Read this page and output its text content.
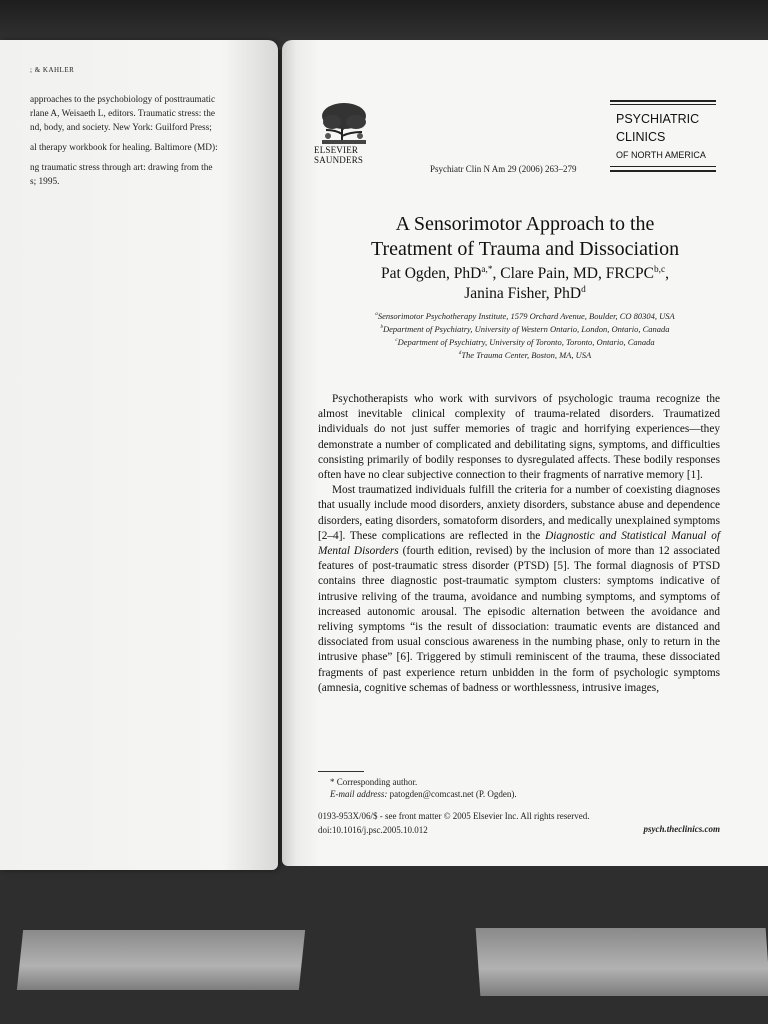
; & KAHLER
approaches to the psychobiology of posttraumatic
rlane A, Weisaeth L, editors. Traumatic stress: the
nd, body, and society. New York: Guilford Press;
al therapy workbook for healing. Baltimore (MD):
ng traumatic stress through art: drawing from the
s; 1995.
ELSEVIER
SAUNDERS
PSYCHIATRIC
CLINICS
OF NORTH AMERICA
Psychiatr Clin N Am 29 (2006) 263–279
A Sensorimotor Approach to the
Treatment of Trauma and Dissociation
Pat Ogden, PhD$^{a,*}$, Clare Pain, MD, FRCPC$^{b,c}$,
Janina Fisher, PhD$^d$
$^a$Sensorimotor Psychotherapy Institute, 1579 Orchard Avenue, Boulder, CO 80304, USA
$^b$Department of Psychiatry, University of Western Ontario, London, Ontario, Canada
$^c$Department of Psychiatry, University of Toronto, Toronto, Ontario, Canada
$^d$The Trauma Center, Boston, MA, USA

Psychotherapists who work with survivors of psychologic trauma recognize the almost inevitable clinical complexity of trauma-related disorders. Traumatized individuals do not just suffer memories of tragic and horrifying experiences—they demonstrate a number of complicated and debilitating signs, symptoms, and difficulties consisting primarily of bodily responses to dysregulated affects. These bodily responses often have no clear subjective connection to their fragments of narrative memory [1].

Most traumatized individuals fulfill the criteria for a number of coexisting diagnoses that usually include mood disorders, anxiety disorders, substance abuse and dependence disorders, eating disorders, somatoform disorders, and medically unexplained symptoms [2–4]. These complications are reflected in the Diagnostic and Statistical Manual of Mental Disorders (fourth edition, revised) by the inclusion of more than 12 associated features of post-traumatic stress disorder (PTSD) [5]. The formal diagnosis of PTSD contains three diagnostic post-traumatic symptom clusters: symptoms indicative of intrusive reliving of the trauma, avoidance and numbing symptoms, and symptoms of increased autonomic arousal. The episodic alternation between the avoidance and reliving symptoms “is the result of dissociation: traumatic events are distanced and dissociated from usual conscious awareness in the numbing phase, only to return in the intrusive phase” [6]. Triggered by stimuli reminiscent of the trauma, these dissociated fragments of past experience return unbidden in the form of psychologic symptoms (amnesia, cognitive schemas of badness or worthlessness, intrusive images,

* Corresponding author.
E-mail address: patogden@comcast.net (P. Ogden).
0193-953X/06/$ - see front matter © 2005 Elsevier Inc. All rights reserved.
doi:10.1016/j.psc.2005.10.012	psych.theclinics.com
